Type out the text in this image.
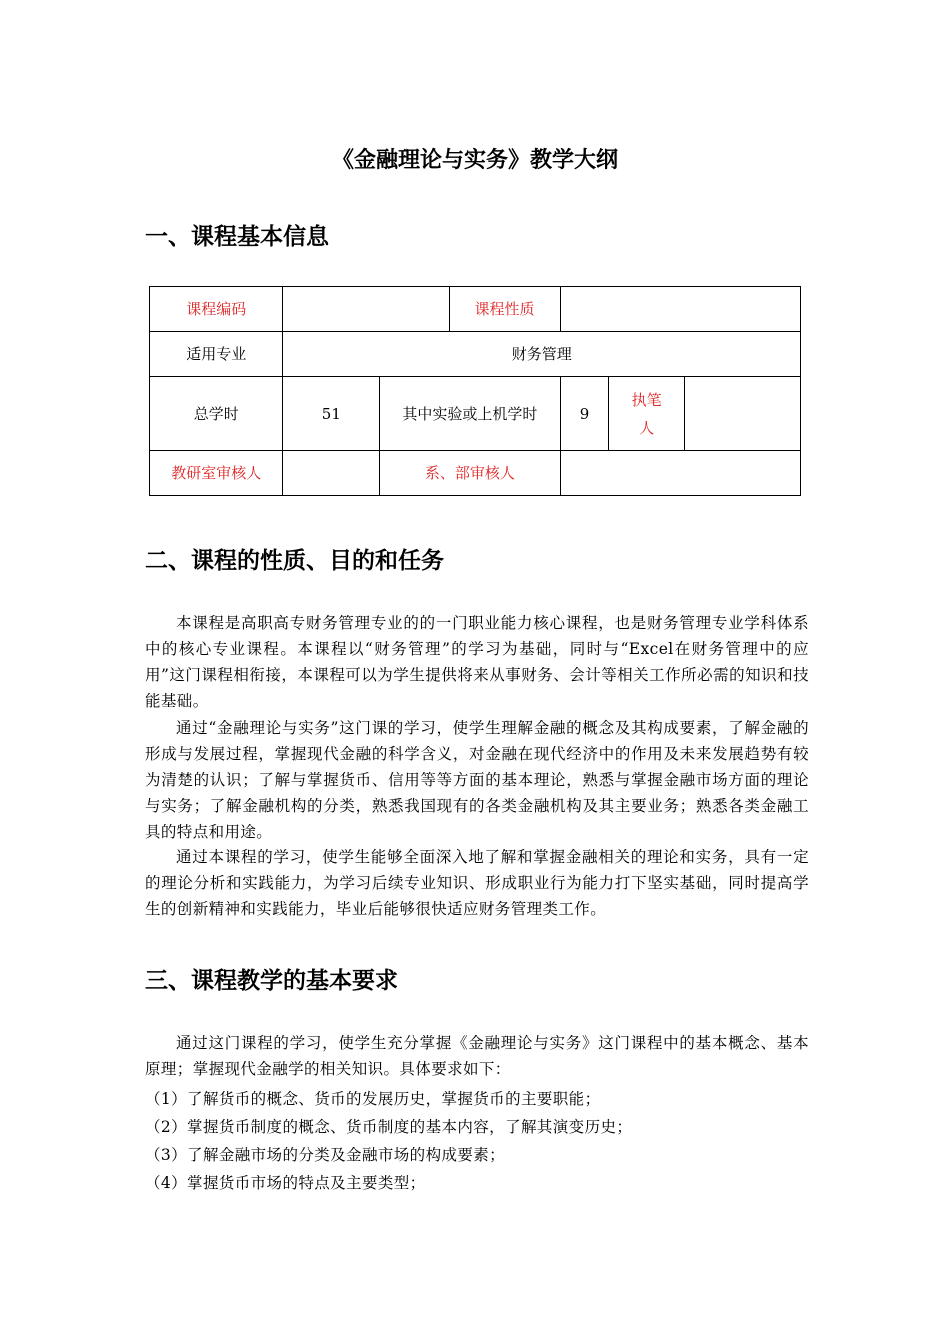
《金融理论与实务》教学大纲
一、课程基本信息
课程编码			课程性质			
适用专业	财务管理					
总学时	51	其中实验或上机学时		9	执笔人	
教研室审核人		系、部审核人				
二、课程的性质、目的和任务

本课程是高职高专财务管理专业的的一门职业能力核心课程，也是财务管理专业学科体系中的核心专业课程。本课程以“财务管理”的学习为基础，同时与“Excel在财务管理中的应用”这门课程相衔接，本课程可以为学生提供将来从事财务、会计等相关工作所必需的知识和技能基础。

通过“金融理论与实务”这门课的学习，使学生理解金融的概念及其构成要素，了解金融的形成与发展过程，掌握现代金融的科学含义，对金融在现代经济中的作用及未来发展趋势有较为清楚的认识；了解与掌握货币、信用等等方面的基本理论，熟悉与掌握金融市场方面的理论与实务；了解金融机构的分类，熟悉我国现有的各类金融机构及其主要业务；熟悉各类金融工具的特点和用途。

通过本课程的学习，使学生能够全面深入地了解和掌握金融相关的理论和实务，具有一定的理论分析和实践能力，为学习后续专业知识、形成职业行为能力打下坚实基础，同时提高学生的创新精神和实践能力，毕业后能够很快适应财务管理类工作。

三、课程教学的基本要求

通过这门课程的学习，使学生充分掌握《金融理论与实务》这门课程中的基本概念、基本原理；掌握现代金融学的相关知识。具体要求如下：

（1）了解货币的概念、货币的发展历史，掌握货币的主要职能；
（2）掌握货币制度的概念、货币制度的基本内容，了解其演变历史；
（3）了解金融市场的分类及金融市场的构成要素；
（4）掌握货币市场的特点及主要类型；
